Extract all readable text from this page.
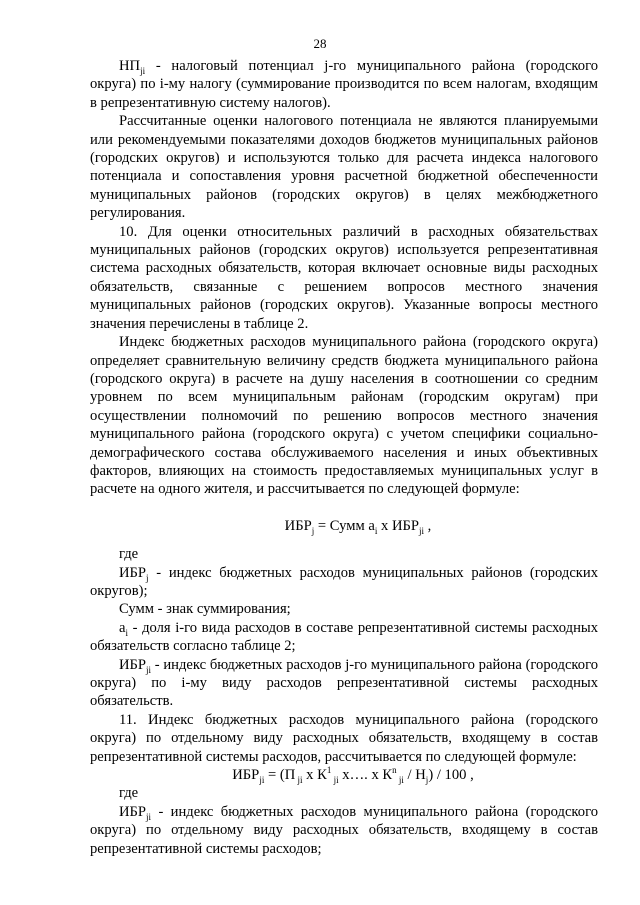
28

$НП_{ji}$ - налоговый потенциал j-го муниципального района (городского округа) по i-му налогу (суммирование производится по всем налогам, входящим в репрезентативную систему налогов).

Рассчитанные оценки налогового потенциала не являются планируемыми или рекомендуемыми показателями доходов бюджетов муниципальных районов (городских округов) и используются только для расчета индекса налогового потенциала и сопоставления уровня расчетной бюджетной обеспеченности муниципальных районов (городских округов) в целях межбюджетного регулирования.

10. Для оценки относительных различий в расходных обязательствах муниципальных районов (городских округов) используется репрезентативная система расходных обязательств, которая включает основные виды расходных обязательств, связанные с решением вопросов местного значения муниципальных районов (городских округов). Указанные вопросы местного значения перечислены в таблице 2.

Индекс бюджетных расходов муниципального района (городского округа) определяет сравнительную величину средств бюджета муниципального района (городского округа) в расчете на душу населения в соотношении со средним уровнем по всем муниципальным районам (городским округам) при осуществлении полномочий по решению вопросов местного значения муниципального района (городского округа) с учетом специфики социально-демографического состава обслуживаемого населения и иных объективных факторов, влияющих на стоимость предоставляемых муниципальных услуг в расчете на одного жителя, и рассчитывается по следующей формуле:

$ИБР_j$ = Сумм $a_i$ x $ИБР_{ji}$ ,

где

$ИБР_j$ - индекс бюджетных расходов муниципальных районов (городских округов);

Сумм - знак суммирования;

$a_i$ - доля i-го вида расходов в составе репрезентативной системы расходных обязательств согласно таблице 2;

$ИБР_{ji}$ - индекс бюджетных расходов j-го муниципального района (городского округа) по i-му виду расходов репрезентативной системы расходных обязательств.

11. Индекс бюджетных расходов муниципального района (городского округа) по отдельному виду расходных обязательств, входящему в состав репрезентативной системы расходов, рассчитывается по следующей формуле:

$ИБР_{ji} = (П$ $_{ji}$ x $К^1$ $_{ji}$ x…. x $К^n$ $_{ji} / Н_j) / 100$ ,

где

$ИБР_{ji}$ - индекс бюджетных расходов муниципального района (городского округа) по отдельному виду расходных обязательств, входящему в состав репрезентативной системы расходов;
